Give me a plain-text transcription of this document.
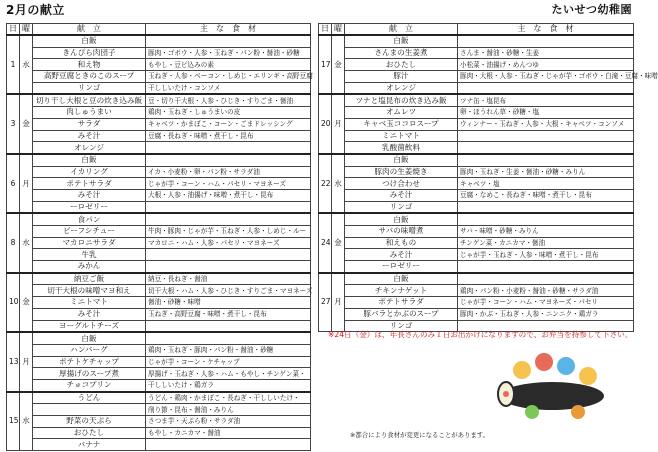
2月の献立	たいせつ幼稚園
日	曜	献　立	主　な　食　材
1	水	白飯	
		きんぴら肉団子	豚肉・ゴボウ・人参・玉ねぎ・パン粉・醤油・砂糖
		和え物	もやし・豆ピ込みの素
		高野豆腐ときのこのスープ	玉ねぎ・人参・ベーコン・しめじ・エリンギ・高野豆腐
		リンゴ	干ししいたけ・コンソメ
3	金	切り干し大根と豆の炊き込み飯	豆・切り干大根・人参・ひじき・すりごま・醤油
		肉しゅうまい	鶏肉・玉ねぎ・しゅうまいの皮
		サラダ	キャベツ・かまぼこ・コーン・ごまドレッシング
		みそ汁	豆腐・長ねぎ・味噌・煮干し・昆布
		オレンジ	
6	月	白飯	
		イカリング	イカ・小麦粉・卵・パン粉・サラダ油
		ポテトサラダ	じゃが芋・コーン・ハム・パセリ・マヨネーズ
		みそ汁	大根・人参・油揚げ・味噌・煮干し・昆布
		ーロゼリー	
8	水	食パン	
		ビーフシチュー	牛肉・豚肉・じゃが芋・玉ねぎ・人参・しめじ・ルー
		マカロニサラダ	マカロニ・ハム・人参・パセリ・マヨネーズ
		牛乳	
		みかん	
10	金	納豆ご飯	納豆・長ねぎ・醤油
		切干大根の味噌マヨ和え	切干大根・ハム・人参・ひじき・すりごま・マヨネーズ
		ミニトマト	醤油・砂糖・味噌
		みそ汁	玉ねぎ・高野豆腐・味噌・煮干し・昆布
		ヨーグルトチーズ	
13	月	白飯	
		ハンバーグ	鶏肉・玉ねぎ・豚肉・パン粉・醤油・砂糖
		ポテトケチャップ	じゃが芋・コーン・ケチャップ
		厚揚げのスープ煮	厚揚げ・玉ねぎ・人参・ハム・もやし・チンゲン菜・
		チョコプリン	干ししいたけ・鶏ガラ
15	水	うどん	うどん・鶏肉・かまぼこ・長ねぎ・干ししいたけ・
			削り節・昆布・醤油・みりん
		野菜の天ぷら	さつま芋・天ぷら粉・サラダ油
		おひたし	もやし・カニカマ・醤油
		バナナ	
日	曜	献　立	主　な　食　材
17	金	白飯	
		さんまの生姜煮	さんま・醤油・砂糖・生姜
		おひたし	小松菜・油揚げ・めんつゆ
		豚汁	豚肉・大根・人参・玉ねぎ・じゃが芋・ゴボウ・白滝・豆腐・味噌
		オレンジ	
20	月	ツナと塩昆布の炊き込み飯	ツナ缶・塩昆布
		オムレツ	卵・ほうれん草・砂糖・塩
		キャベ玉ココロスープ	ウィンナー・玉ねぎ・人参・大根・キャベツ・コンソメ
		ミニトマト	
		乳酸菌飲料	
22	水	白飯	
		豚肉の生姜焼き	豚肉・玉ねぎ・生姜・醤油・砂糖・みりん
		つけ合わせ	キャベツ・塩
		みそ汁	豆腐・なめこ・長ねぎ・味噌・煮干し・昆布
		リンゴ	
24	金	白飯	
		サバの味噌煮	サバ・味噌・砂糖・みりん
		和えもの	チンゲン菜・カニカマ・醤油
		みそ汁	じゃが芋・玉ねぎ・人参・味噌・煮干し・昆布
		ーロゼリー	
27	月	白飯	
		チキンナゲット	鶏肉・パン粉・小麦粉・醤油・砂糖・サラダ油
		ポテトサラダ	じゃが芋・コーン・ハム・マヨネーズ・パセリ
		豚バラとかぶのスープ	豚肉・かぶ・玉ねぎ・人参・ニンニク・鶏ガラ
		リンゴ	
※24日（金）は、年長さんのみ１日お出かけになりますので、お弁当を持参して下さい。
※都合により食材が変更になることがあります。
